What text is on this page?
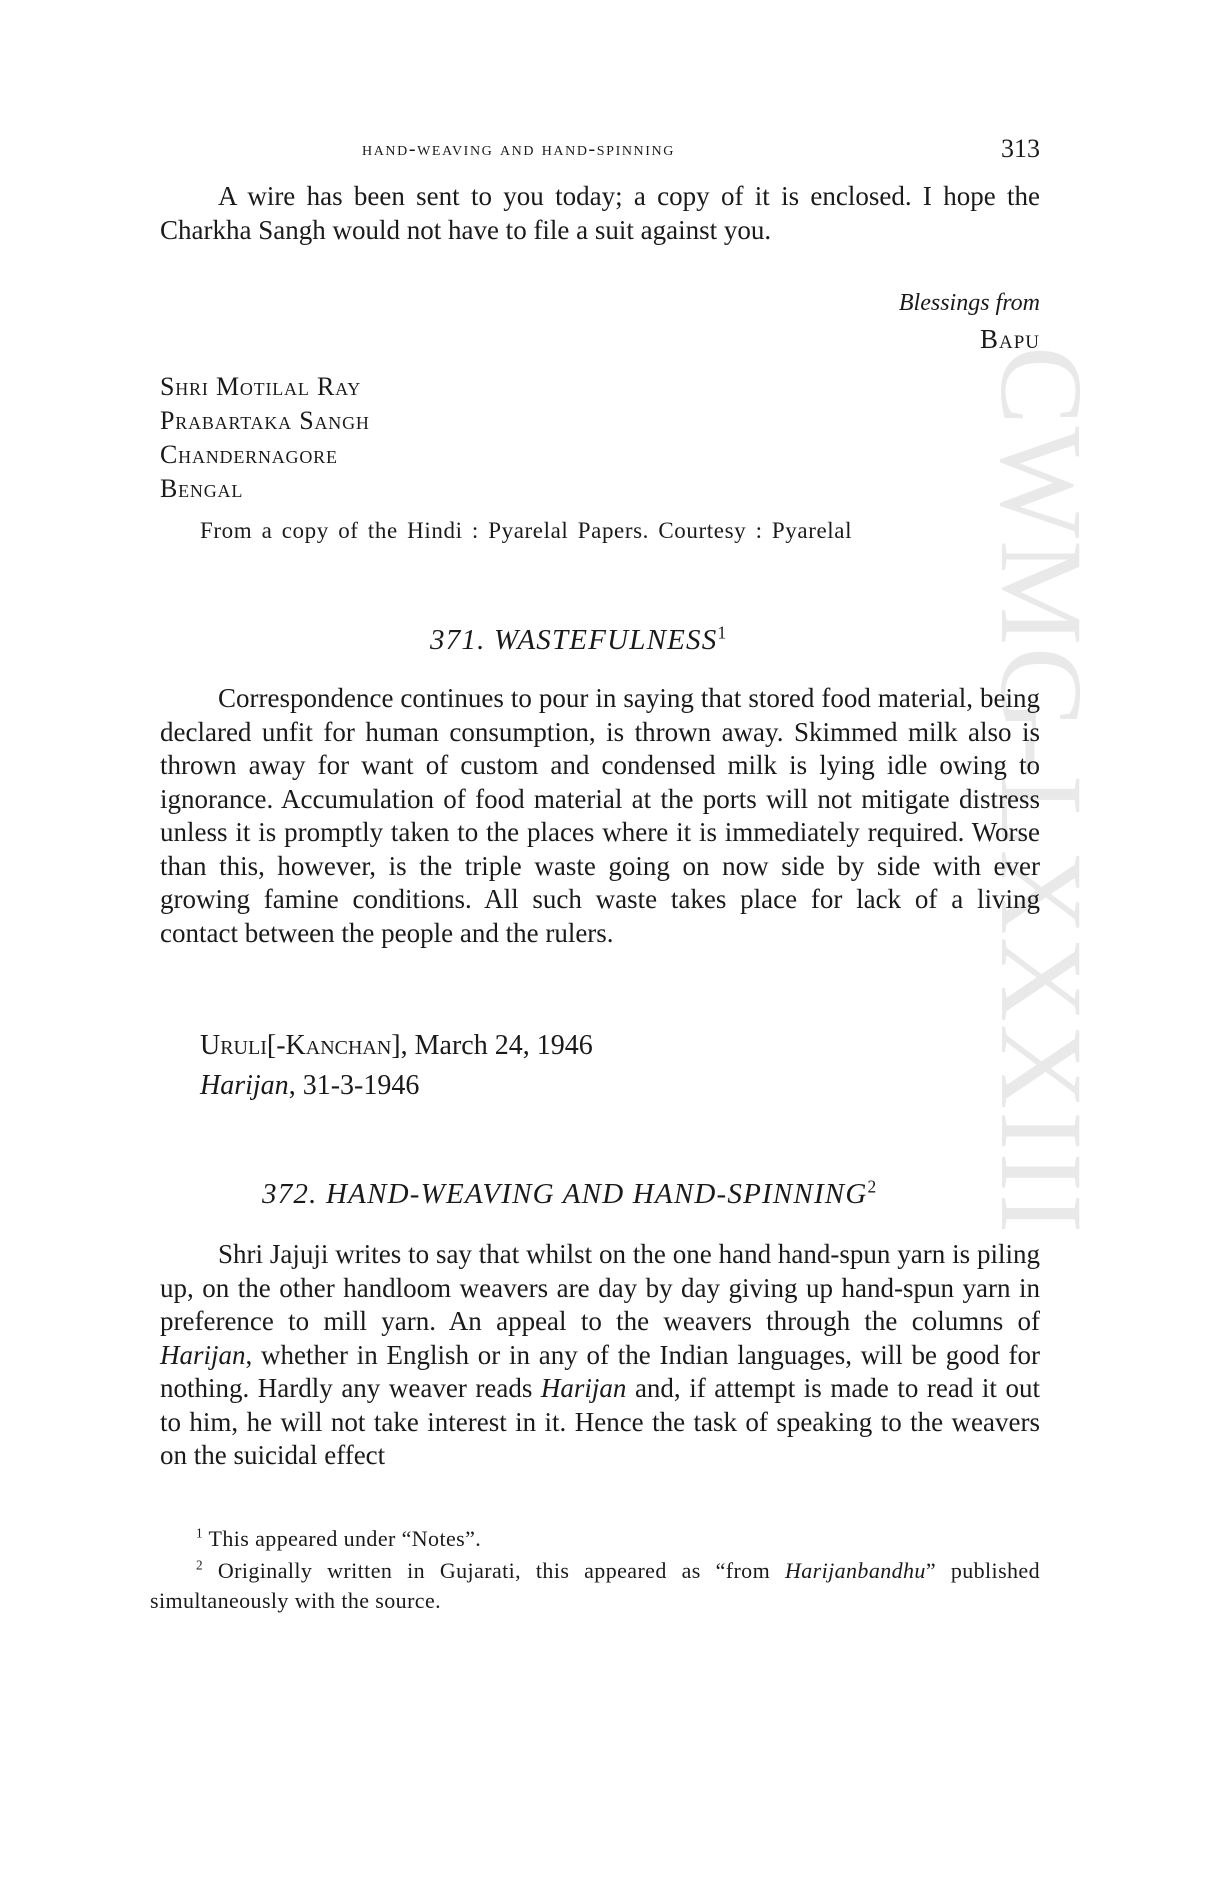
CWMG-LXXXIII
hand-weaving and hand-spinning	313

A wire has been sent to you today; a copy of it is enclosed. I hope the Charkha Sangh would not have to file a suit against you.

Blessings from
Bapu
Shri Motilal Ray
Prabartaka Sangh
Chandernagore
Bengal
From a copy of the Hindi : Pyarelal Papers. Courtesy : Pyarelal
371. WASTEFULNESS$^1$

Correspondence continues to pour in saying that stored food material, being declared unfit for human consumption, is thrown away. Skimmed milk also is thrown away for want of custom and condensed milk is lying idle owing to ignorance. Accumulation of food material at the ports will not mitigate distress unless it is promptly taken to the places where it is immediately required. Worse than this, however, is the triple waste going on now side by side with ever growing famine conditions. All such waste takes place for lack of a living contact between the people and the rulers.

Uruli[-Kanchan], March 24, 1946
Harijan, 31-3-1946
372. HAND-WEAVING AND HAND-SPINNING$^2$

Shri Jajuji writes to say that whilst on the one hand hand-spun yarn is piling up, on the other handloom weavers are day by day giving up hand-spun yarn in preference to mill yarn. An appeal to the weavers through the columns of Harijan, whether in English or in any of the Indian languages, will be good for nothing. Hardly any weaver reads Harijan and, if attempt is made to read it out to him, he will not take interest in it. Hence the task of speaking to the weavers on the suicidal effect

$^1$ This appeared under “Notes”.
$^2$ Originally written in Gujarati, this appeared as “from Harijanbandhu” published simultaneously with the source.
